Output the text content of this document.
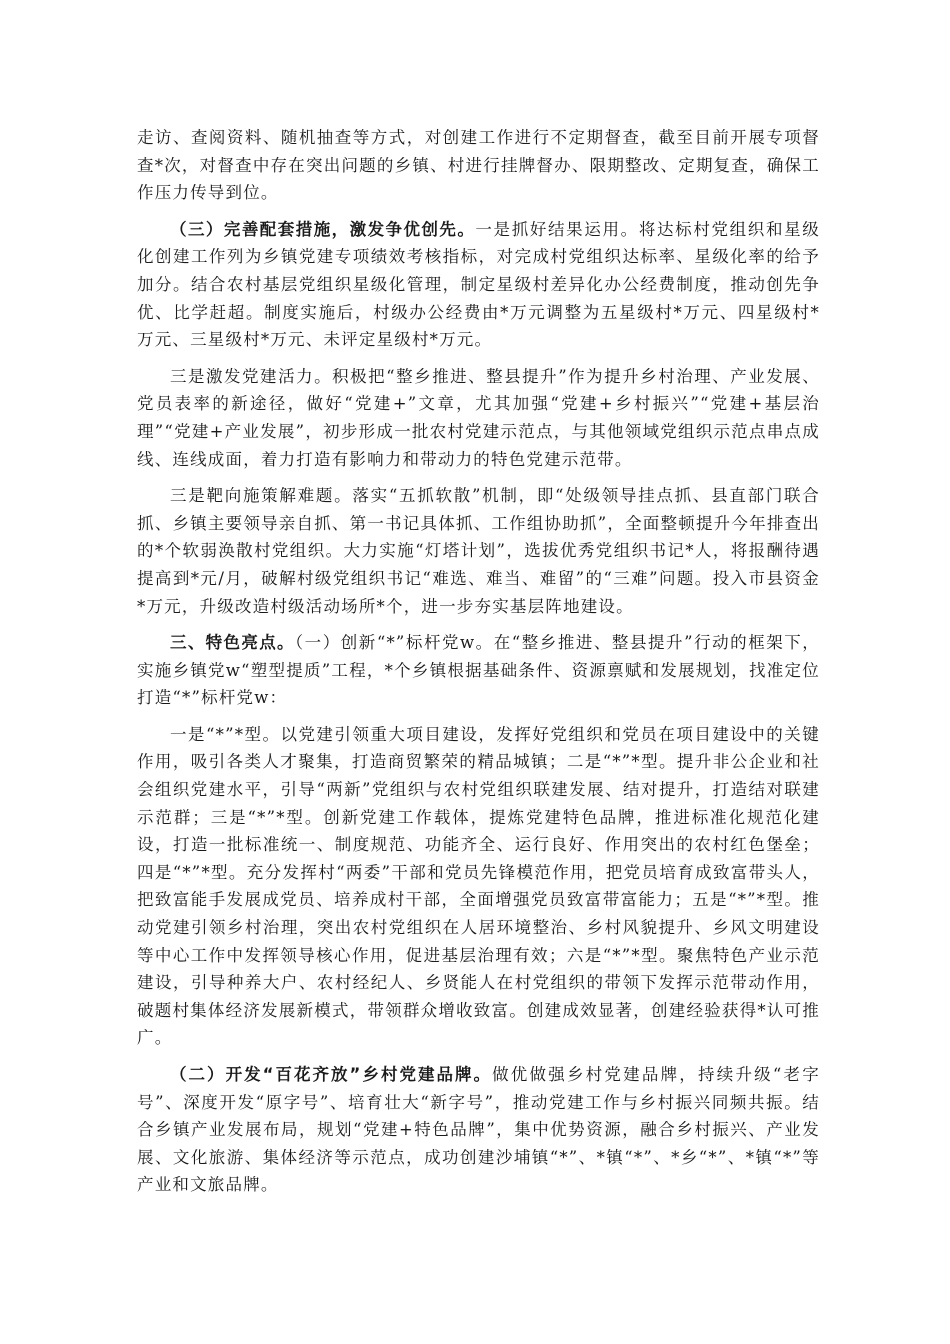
走访、查阅资料、随机抽查等方式，对创建工作进行不定期督查，截至目前开展专项督查*次，对督查中存在突出问题的乡镇、村进行挂牌督办、限期整改、定期复查，确保工作压力传导到位。

（三）完善配套措施，激发争优创先。一是抓好结果运用。将达标村党组织和星级化创建工作列为乡镇党建专项绩效考核指标，对完成村党组织达标率、星级化率的给予加分。结合农村基层党组织星级化管理，制定星级村差异化办公经费制度，推动创先争优、比学赶超。制度实施后，村级办公经费由*万元调整为五星级村*万元、四星级村*万元、三星级村*万元、未评定星级村*万元。

三是激发党建活力。积极把“整乡推进、整县提升”作为提升乡村治理、产业发展、党员表率的新途径，做好“党建+”文章，尤其加强“党建+乡村振兴”“党建+基层治理”“党建+产业发展”，初步形成一批农村党建示范点，与其他领域党组织示范点串点成线、连线成面，着力打造有影响力和带动力的特色党建示范带。

三是靶向施策解难题。落实“五抓软散”机制，即“处级领导挂点抓、县直部门联合抓、乡镇主要领导亲自抓、第一书记具体抓、工作组协助抓”，全面整顿提升今年排查出的*个软弱涣散村党组织。大力实施“灯塔计划”，选拔优秀党组织书记*人，将报酬待遇提高到*元/月，破解村级党组织书记“难选、难当、难留”的“三难”问题。投入市县资金*万元，升级改造村级活动场所*个，进一步夯实基层阵地建设。

三、特色亮点。（一）创新“*”标杆党w。在“整乡推进、整县提升”行动的框架下，实施乡镇党w“塑型提质”工程，*个乡镇根据基础条件、资源禀赋和发展规划，找准定位打造“*”标杆党w：

一是“*”*型。以党建引领重大项目建设，发挥好党组织和党员在项目建设中的关键作用，吸引各类人才聚集，打造商贸繁荣的精品城镇；二是“*”*型。提升非公企业和社会组织党建水平，引导“两新”党组织与农村党组织联建发展、结对提升，打造结对联建示范群；三是“*”*型。创新党建工作载体，提炼党建特色品牌，推进标准化规范化建设，打造一批标准统一、制度规范、功能齐全、运行良好、作用突出的农村红色堡垒；四是“*”*型。充分发挥村“两委”干部和党员先锋模范作用，把党员培育成致富带头人，把致富能手发展成党员、培养成村干部，全面增强党员致富带富能力；五是“*”*型。推动党建引领乡村治理，突出农村党组织在人居环境整治、乡村风貌提升、乡风文明建设等中心工作中发挥领导核心作用，促进基层治理有效；六是“*”*型。聚焦特色产业示范建设，引导种养大户、农村经纪人、乡贤能人在村党组织的带领下发挥示范带动作用，破题村集体经济发展新模式，带领群众增收致富。创建成效显著，创建经验获得*认可推广。

（二）开发“百花齐放”乡村党建品牌。做优做强乡村党建品牌，持续升级“老字号”、深度开发“原字号”、培育壮大“新字号”，推动党建工作与乡村振兴同频共振。结合乡镇产业发展布局，规划“党建+特色品牌”，集中优势资源，融合乡村振兴、产业发展、文化旅游、集体经济等示范点，成功创建沙埔镇“*”、*镇“*”、*乡“*”、*镇“*”等产业和文旅品牌。
